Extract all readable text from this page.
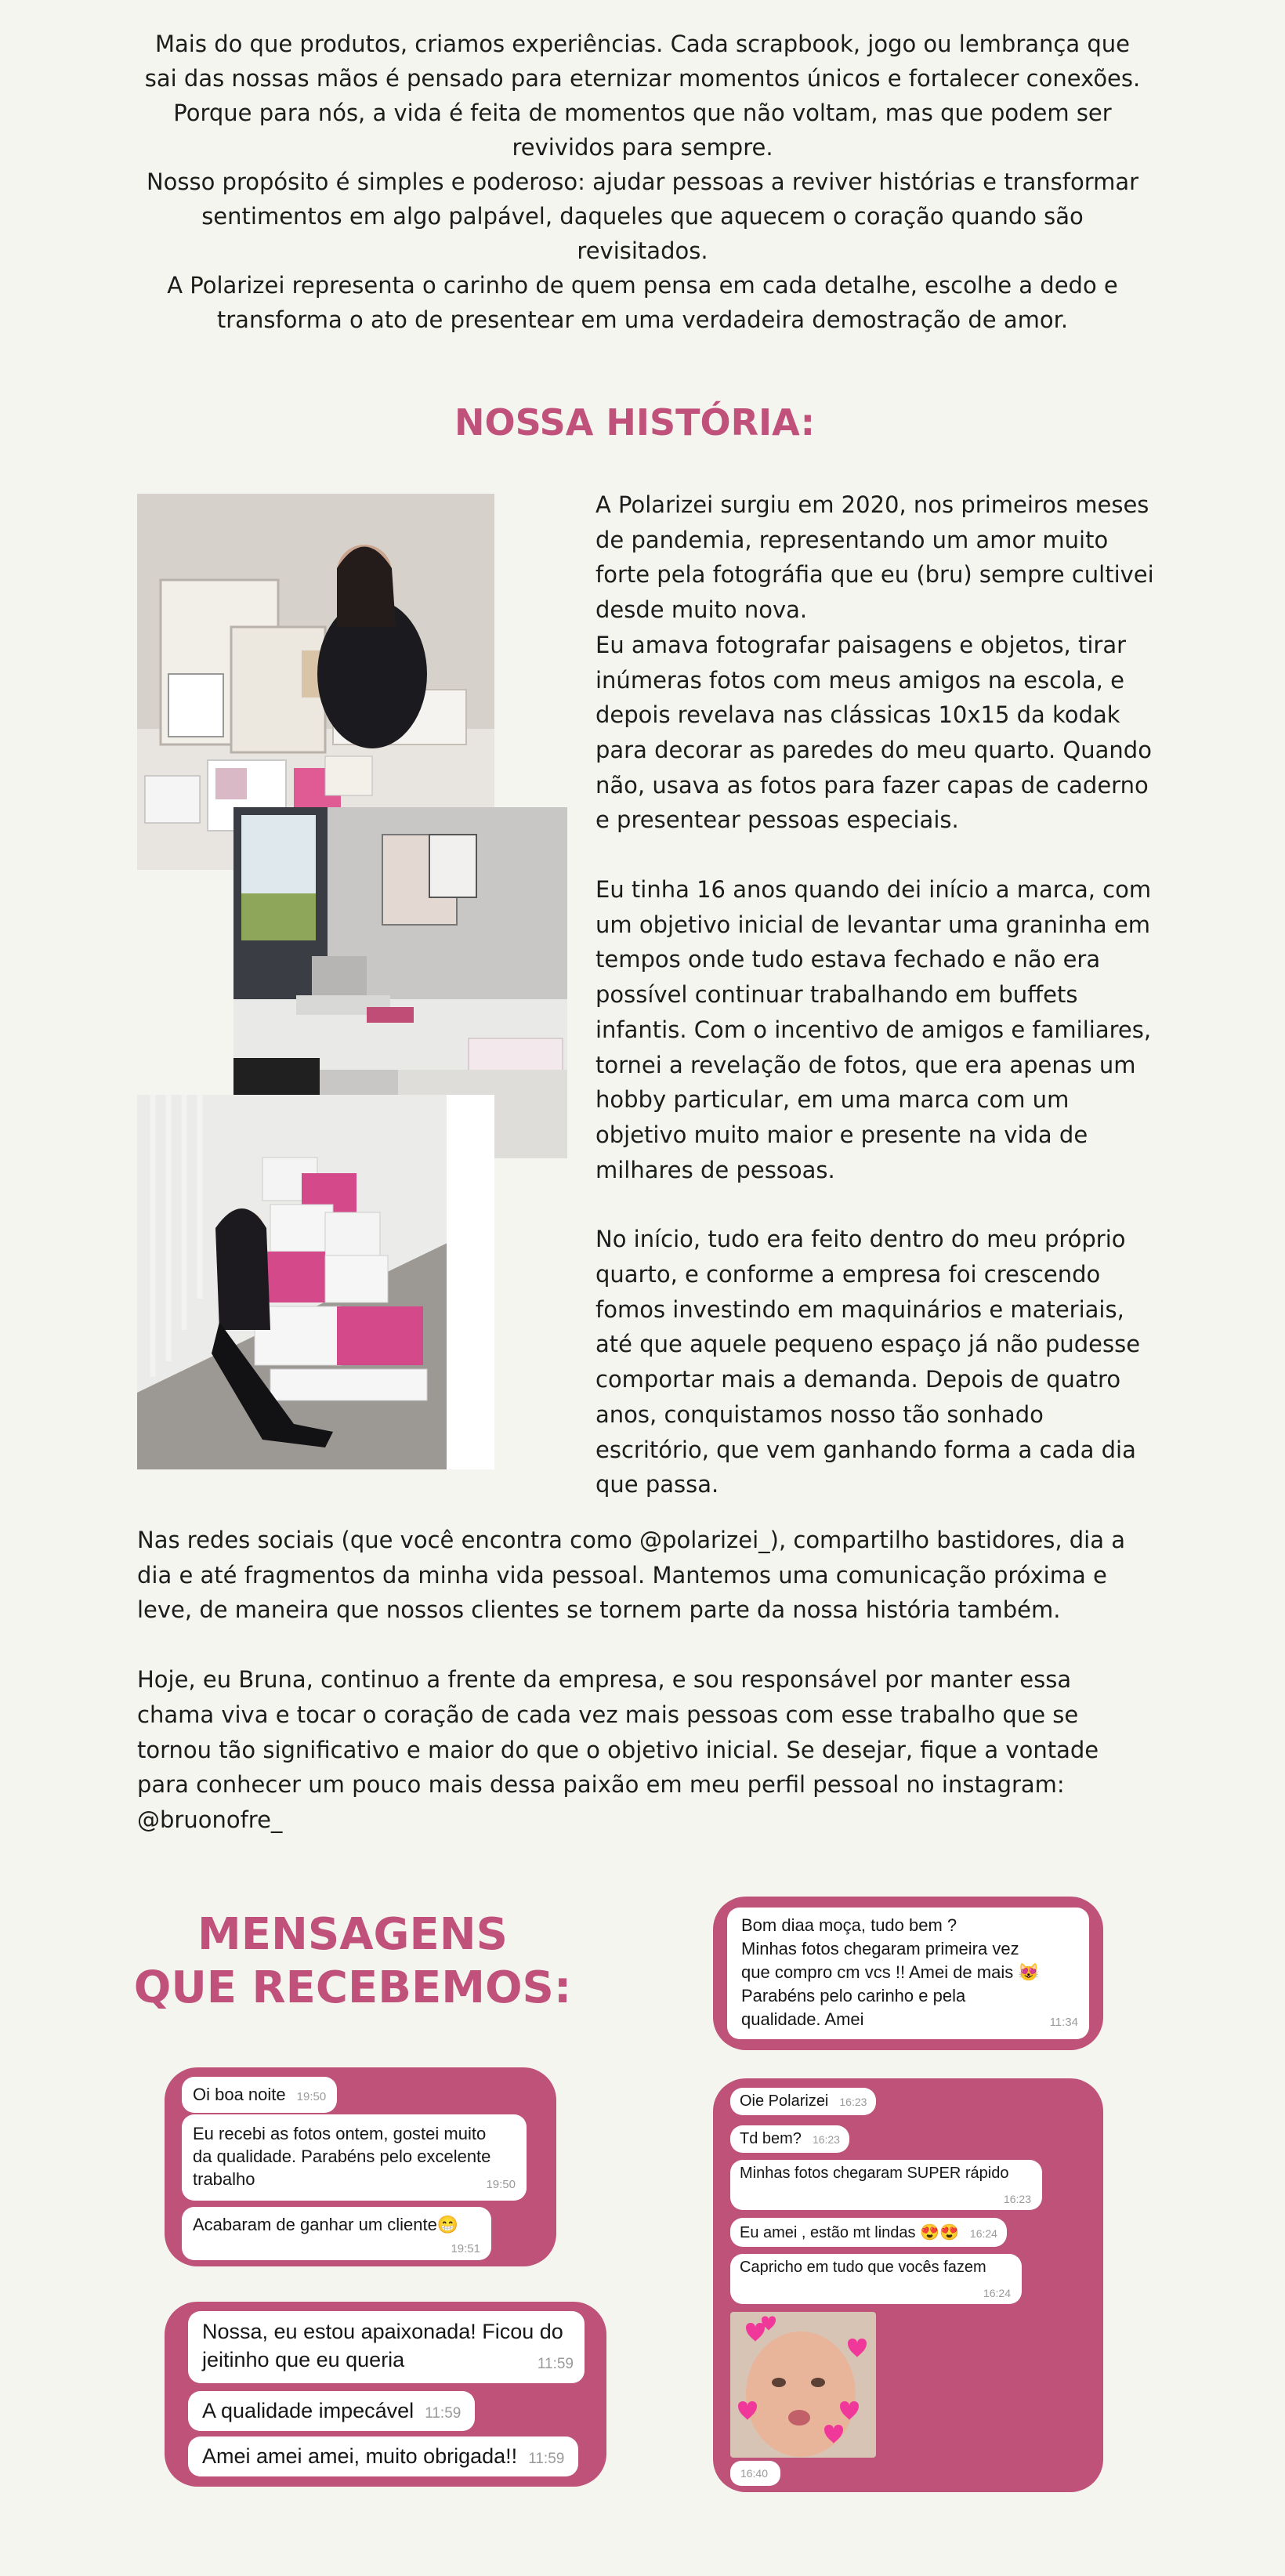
Mais do que produtos, criamos experiências. Cada scrapbook, jogo ou lembrança que sai das nossas mãos é pensado para eternizar momentos únicos e fortalecer conexões. Porque para nós, a vida é feita de momentos que não voltam, mas que podem ser revividos para sempre.

Nosso propósito é simples e poderoso: ajudar pessoas a reviver histórias e transformar sentimentos em algo palpável, daqueles que aquecem o coração quando são revisitados.

A Polarizei representa o carinho de quem pensa em cada detalhe, escolhe a dedo e transforma o ato de presentear em uma verdadeira demostração de amor.

NOSSA HISTÓRIA:

A Polarizei surgiu em 2020, nos primeiros meses de pandemia, representando um amor muito forte pela fotográfia que eu (bru) sempre cultivei desde muito nova.
Eu amava fotografar paisagens e objetos, tirar inúmeras fotos com meus amigos na escola, e depois revelava nas clássicas 10x15 da kodak para decorar as paredes do meu quarto. Quando não, usava as fotos para fazer capas de caderno e presentear pessoas especiais.

Eu tinha 16 anos quando dei início a marca, com um objetivo inicial de levantar uma graninha em tempos onde tudo estava fechado e não era possível continuar trabalhando em buffets infantis. Com o incentivo de amigos e familiares, tornei a revelação de fotos, que era apenas um hobby particular, em uma marca com um objetivo muito maior e presente na vida de milhares de pessoas.

No início, tudo era feito dentro do meu próprio quarto, e conforme a empresa foi crescendo fomos investindo em maquinários e materiais, até que aquele pequeno espaço já não pudesse comportar mais a demanda. Depois de quatro anos, conquistamos nosso tão sonhado escritório, que vem ganhando forma a cada dia que passa.

Nas redes sociais (que você encontra como @polarizei_), compartilho bastidores, dia a dia e até fragmentos da minha vida pessoal. Mantemos uma comunicação próxima e leve, de maneira que nossos clientes se tornem parte da nossa história também.

Hoje, eu Bruna, continuo a frente da empresa, e sou responsável por manter essa chama viva e tocar o coração de cada vez mais pessoas com esse trabalho que se tornou tão significativo e maior do que o objetivo inicial. Se desejar, fique a vontade para conhecer um pouco mais dessa paixão em meu perfil pessoal no instagram: @bruonofre_

MENSAGENS
QUE RECEBEMOS:
Oi boa noite 19:50
Eu recebi as fotos ontem, gostei muito
da qualidade. Parabéns pelo excelente
trabalho	19:50
Acabaram de ganhar um cliente😁
19:51
Nossa, eu estou apaixonada! Ficou do
jeitinho que eu queria	11:59
A qualidade impecável 11:59
Amei amei amei, muito obrigada!! 11:59
Bom diaa moça, tudo bem ?
Minhas fotos chegaram primeira vez
que compro cm vcs !! Amei de mais 😻
Parabéns pelo carinho e pela
qualidade. Amei	11:34
Oie Polarizei 16:23
Td bem? 16:23
Minhas fotos chegaram SUPER rápido
16:23
Eu amei , estão mt lindas 😍😍 16:24
Capricho em tudo que vocês fazem
16:24
16:40
